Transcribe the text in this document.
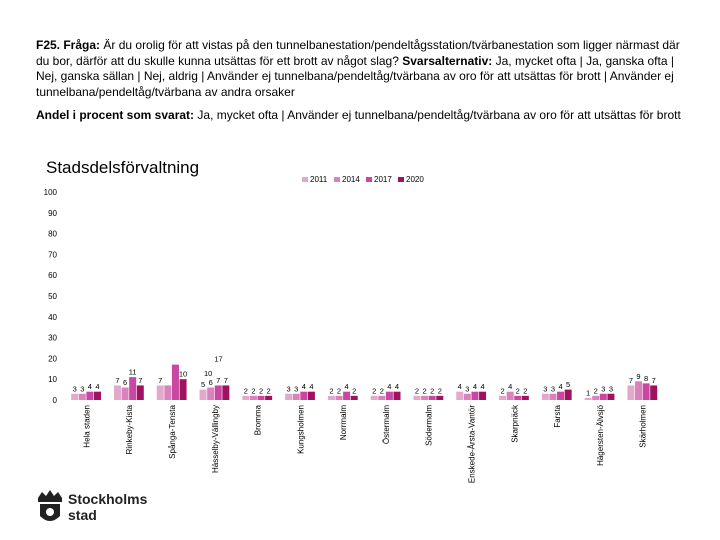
F25. Fråga: Är du orolig för att vistas på den tunnelbanestation/pendeltågsstation/tvärbanestation som ligger närmast där du bor, därför att du skulle kunna utsättas för ett brott av något slag? Svarsalternativ: Ja, mycket ofta | Ja, ganska ofta | Nej, ganska sällan | Nej, aldrig | Använder ej tunnelbana/pendeltåg/tvärbana av oro för att utsättas för brott | Använder ej tunnelbana/pendeltåg/tvärbana av andra orsaker
Andel i procent som svarat: Ja, mycket ofta | Använder ej tunnelbana/pendeltåg/tvärbana av oro för att utsättas för brott
Stadsdelsförvaltning
0
10
20
30
40
50
60
70
80
90
100
3 3 4 4
Hela staden
7 6
11
7
Rinkeby-Kista
7
10
Spånga-Tensta
5 6 7 7
Hässelby-Vällingby
2 2 2 2
Bromma
3 3 4 4
Kungsholmen
2 2 4 2
Norrmalm
2 2 4 4
Östermalm
2 2 2 2
Södermalm
4 3 4 4
Enskede-Årsta-Vantör
2 4 2 2
Skarpnäck
3 3 4 5
Farsta
1 2 3 3
Hägersten-Älvsjö
7 9 8 7
Skärholmen
17
10
2011 2014 2017 2020
Stockholms
stad
